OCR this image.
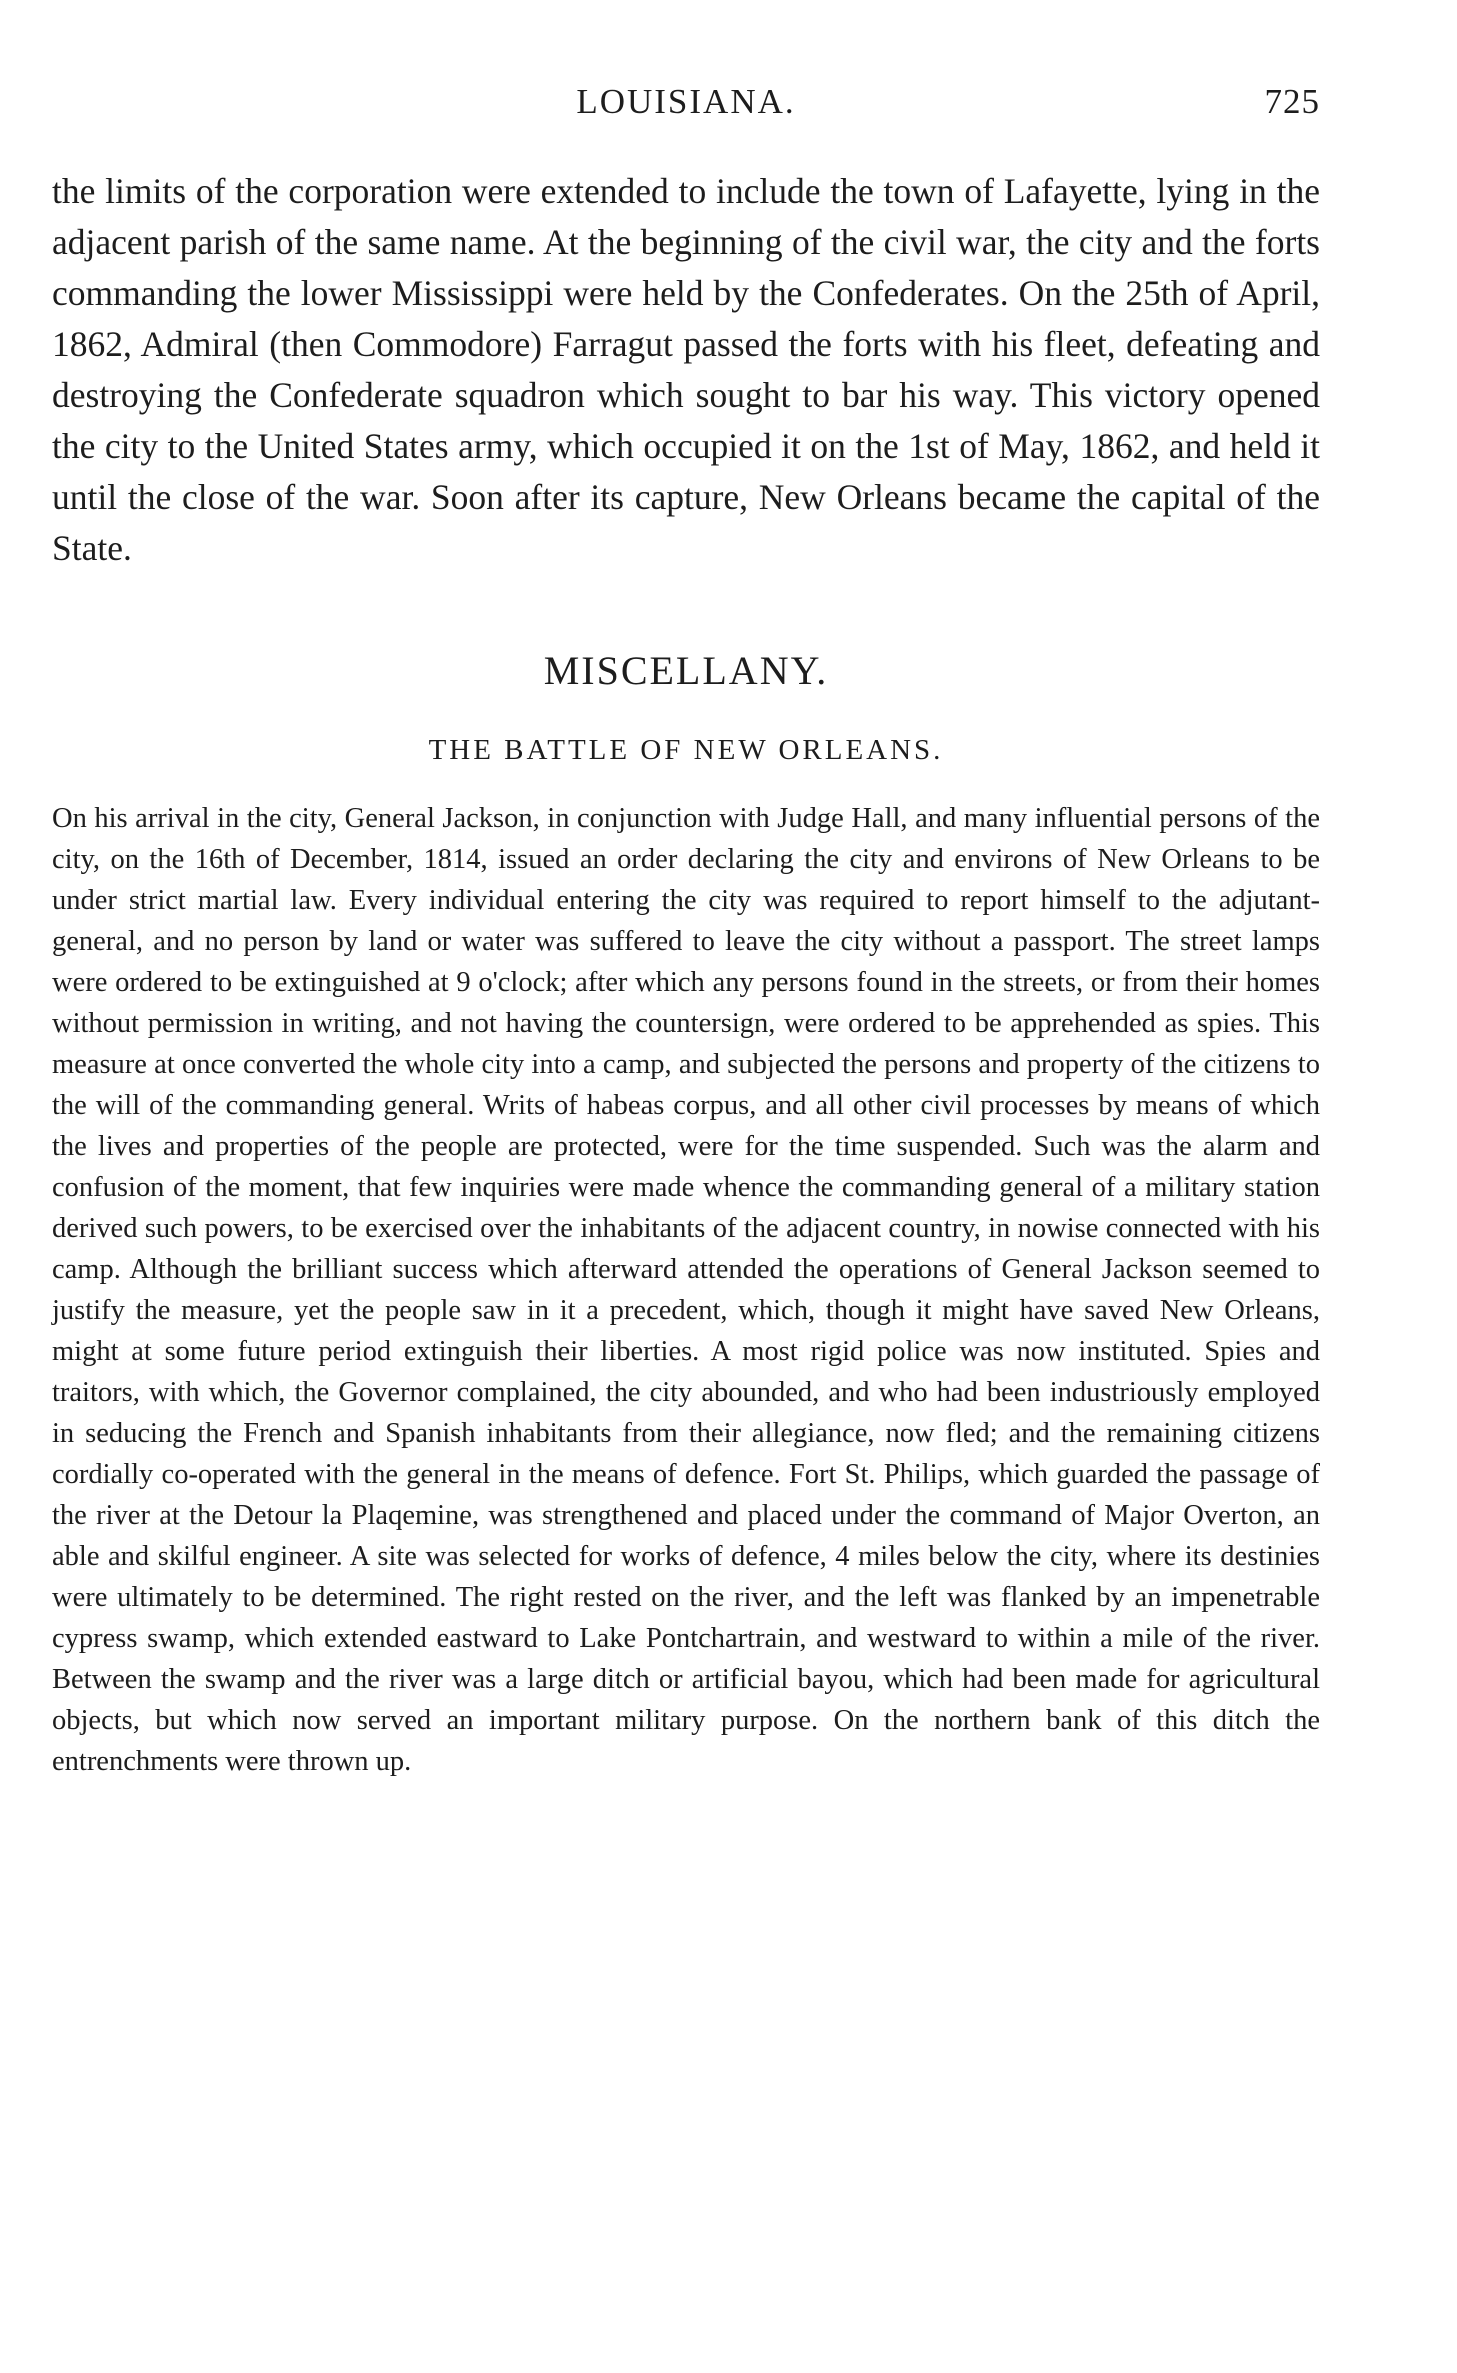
LOUISIANA.	725

the limits of the corporation were extended to include the town of Lafayette, lying in the adjacent parish of the same name. At the beginning of the civil war, the city and the forts commanding the lower Mississippi were held by the Confederates. On the 25th of April, 1862, Admiral (then Commodore) Farragut passed the forts with his fleet, defeating and destroying the Confederate squadron which sought to bar his way. This victory opened the city to the United States army, which occupied it on the 1st of May, 1862, and held it until the close of the war. Soon after its capture, New Orleans became the capital of the State.

MISCELLANY.
THE BATTLE OF NEW ORLEANS.

On his arrival in the city, General Jackson, in conjunction with Judge Hall, and many influential persons of the city, on the 16th of December, 1814, issued an order declaring the city and environs of New Orleans to be under strict martial law. Every individual entering the city was required to report himself to the adjutant-general, and no person by land or water was suffered to leave the city without a passport. The street lamps were ordered to be extinguished at 9 o'clock; after which any persons found in the streets, or from their homes without permission in writing, and not having the countersign, were ordered to be apprehended as spies. This measure at once converted the whole city into a camp, and subjected the persons and property of the citizens to the will of the commanding general. Writs of habeas corpus, and all other civil processes by means of which the lives and properties of the people are protected, were for the time suspended. Such was the alarm and confusion of the moment, that few inquiries were made whence the commanding general of a military station derived such powers, to be exercised over the inhabitants of the adjacent country, in nowise connected with his camp. Although the brilliant success which afterward attended the operations of General Jackson seemed to justify the measure, yet the people saw in it a precedent, which, though it might have saved New Orleans, might at some future period extinguish their liberties. A most rigid police was now instituted. Spies and traitors, with which, the Governor complained, the city abounded, and who had been industriously employed in seducing the French and Spanish inhabitants from their allegiance, now fled; and the remaining citizens cordially co-operated with the general in the means of defence. Fort St. Philips, which guarded the passage of the river at the Detour la Plaqemine, was strengthened and placed under the command of Major Overton, an able and skilful engineer. A site was selected for works of defence, 4 miles below the city, where its destinies were ultimately to be determined. The right rested on the river, and the left was flanked by an impenetrable cypress swamp, which extended eastward to Lake Pontchartrain, and westward to within a mile of the river. Between the swamp and the river was a large ditch or artificial bayou, which had been made for agricultural objects, but which now served an important military purpose. On the northern bank of this ditch the entrenchments were thrown up.
